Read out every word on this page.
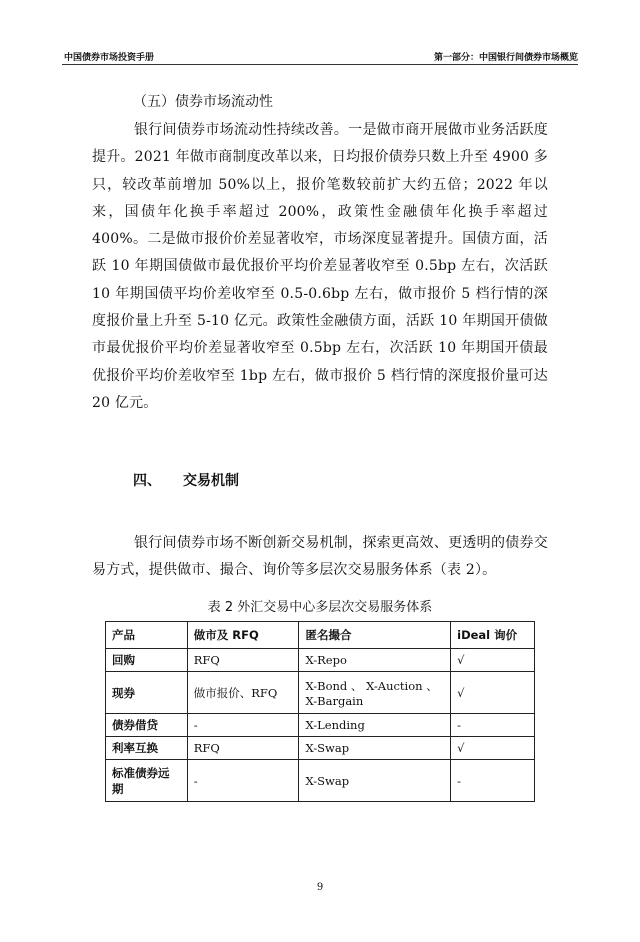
中国债券市场投资手册	第一部分：中国银行间债券市场概览
（五）债券市场流动性

银行间债券市场流动性持续改善。一是做市商开展做市业务活跃度提升。2021 年做市商制度改革以来，日均报价债券只数上升至 4900 多只，较改革前增加 50%以上，报价笔数较前扩大约五倍；2022 年以来，国债年化换手率超过 200%，政策性金融债年化换手率超过 400%。二是做市报价价差显著收窄，市场深度显著提升。国债方面，活跃 10 年期国债做市最优报价平均价差显著收窄至 0.5bp 左右，次活跃 10 年期国债平均价差收窄至 0.5-0.6bp 左右，做市报价 5 档行情的深度报价量上升至 5-10 亿元。政策性金融债方面，活跃 10 年期国开债做市最优报价平均价差显著收窄至 0.5bp 左右，次活跃 10 年期国开债最优报价平均价差收窄至 1bp 左右，做市报价 5 档行情的深度报价量可达 20 亿元。

四、 交易机制

银行间债券市场不断创新交易机制，探索更高效、更透明的债券交易方式，提供做市、撮合、询价等多层次交易服务体系（表 2）。

表 2 外汇交易中心多层次交易服务体系
产品	做市及 RFQ	匿名撮合	iDeal 询价
回购	RFQ	X-Repo	√
现券	做市报价、RFQ	X-Bond 、 X-Auction 、 X-Bargain	√
债券借贷	-	X-Lending	-
利率互换	RFQ	X-Swap	√
标准债券远期	-	X-Swap	-
9
